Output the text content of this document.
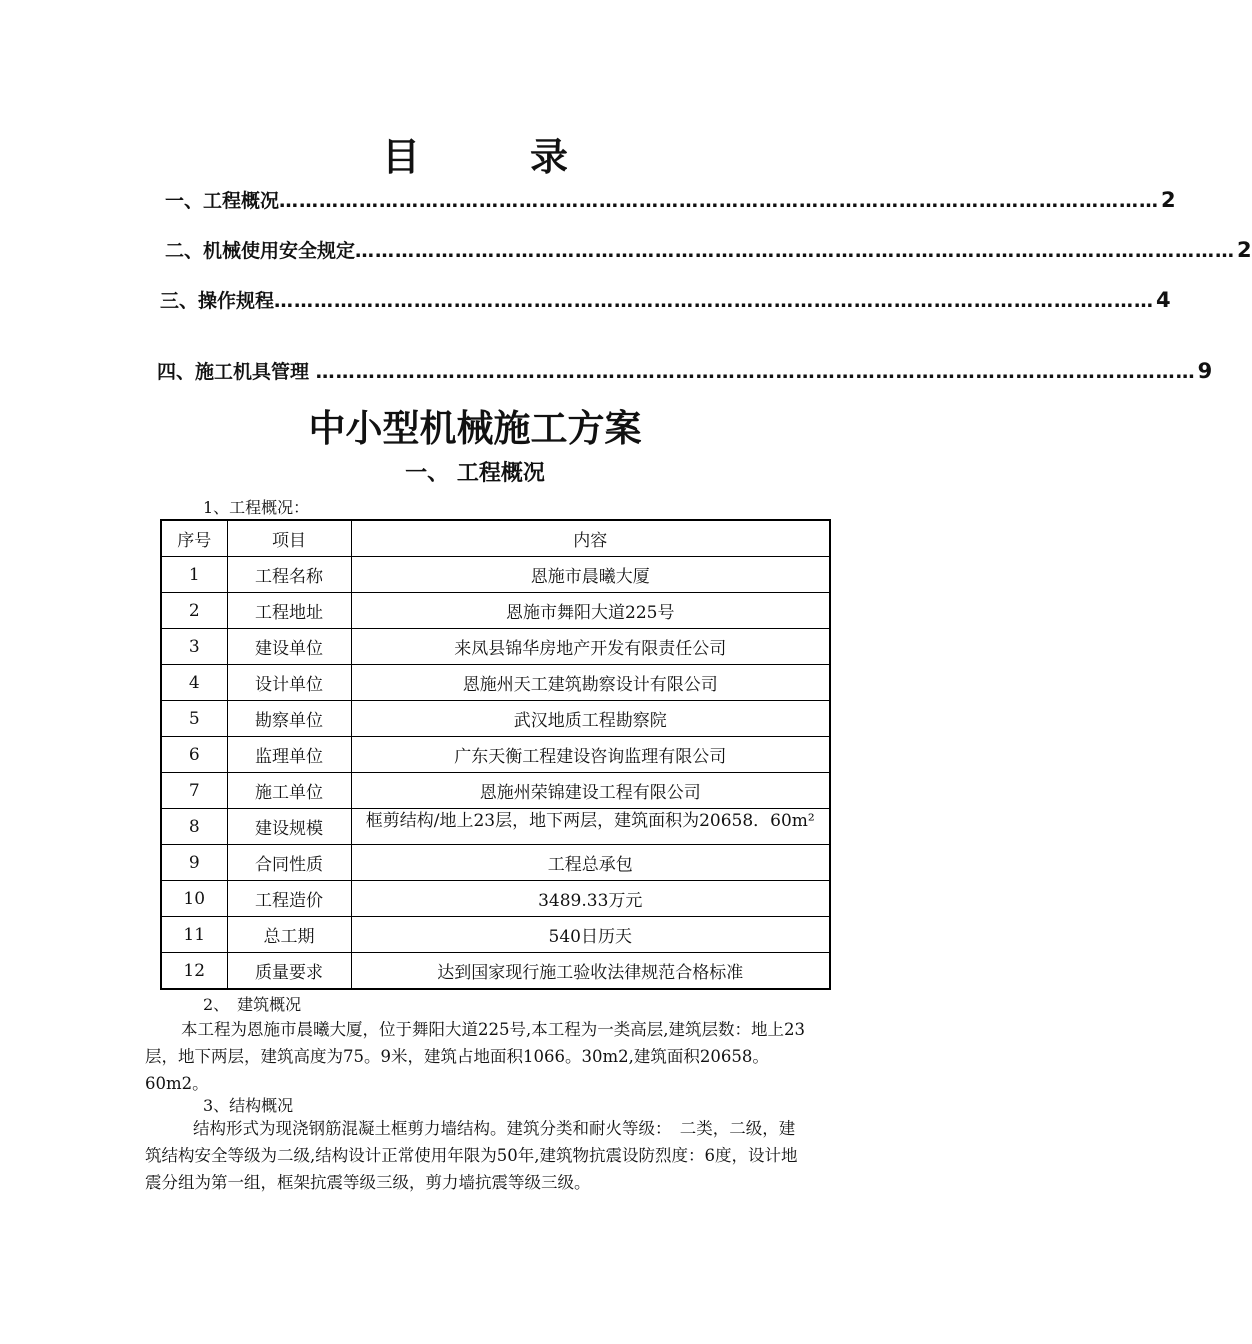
目　录
一、工程概况 …………………………………………………………………………………………………………………… 2
二、机械使用安全规定 …………………………………………………………………………………………………………………… 2
三、操作规程 …………………………………………………………………………………………………………………… 4
四、施工机具管理 …………………………………………………………………………………………………………………… 9
中小型机械施工方案
一、 工程概况
1、工程概况：
序号	项目	内容
1	工程名称	恩施市晨曦大厦
2	工程地址	恩施市舞阳大道225号
3	建设单位	来凤县锦华房地产开发有限责任公司
4	设计单位	恩施州天工建筑勘察设计有限公司
5	勘察单位	武汉地质工程勘察院
6	监理单位	广东天衡工程建设咨询监理有限公司
7	施工单位	恩施州荣锦建设工程有限公司
8	建设规模	框剪结构/地上23层，地下两层，建筑面积为20658．60m²

9	合同性质	工程总承包
10	工程造价	3489.33万元
11	总工期	540日历天
12	质量要求	达到国家现行施工验收法律规范合格标准
2、　建筑概况
本工程为恩施市晨曦大厦，位于舞阳大道225号,本工程为一类高层,建筑层数：地上23层，地下两层，建筑高度为75。9米，建筑占地面积1066。30m2,建筑面积20658。60m2。
3、结构概况
结构形式为现浇钢筋混凝土框剪力墙结构。建筑分类和耐火等级：　二类，二级，建筑结构安全等级为二级,结构设计正常使用年限为50年,建筑物抗震设防烈度：6度，设计地震分组为第一组，框架抗震等级三级，剪力墙抗震等级三级。
